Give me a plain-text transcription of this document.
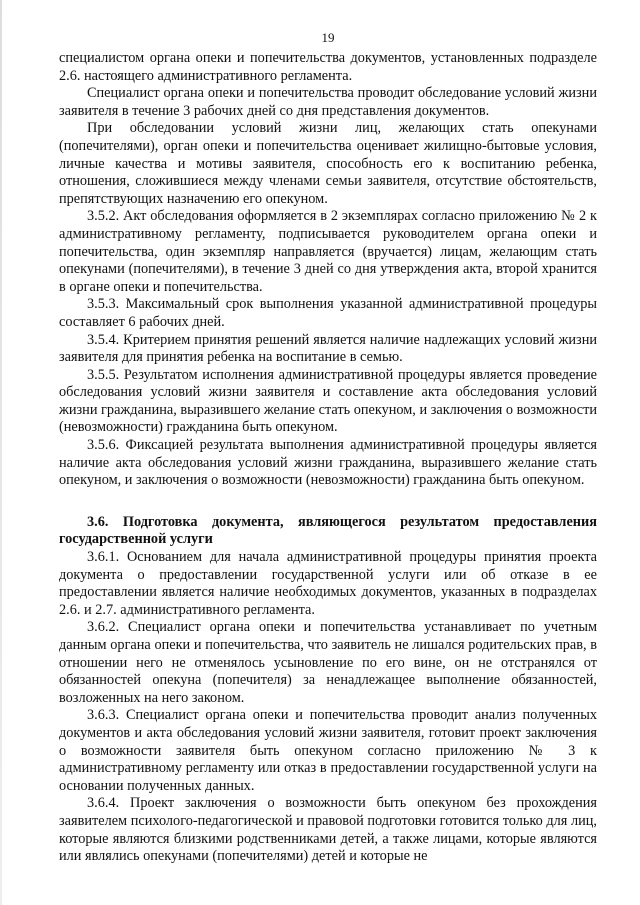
19

специалистом органа опеки и попечительства документов, установленных подразделе 2.6. настоящего административного регламента.

Специалист органа опеки и попечительства проводит обследование условий жизни заявителя в течение 3 рабочих дней со дня представления документов.

При обследовании условий жизни лиц, желающих стать опекунами (попечителями), орган опеки и попечительства оценивает жилищно-бытовые условия, личные качества и мотивы заявителя, способность его к воспитанию ребенка, отношения, сложившиеся между членами семьи заявителя, отсутствие обстоятельств, препятствующих назначению его опекуном.

3.5.2. Акт обследования оформляется в 2 экземплярах согласно приложению № 2 к административному регламенту, подписывается руководителем органа опеки и попечительства, один экземпляр направляется (вручается) лицам, желающим стать опекунами (попечителями), в течение 3 дней со дня утверждения акта, второй хранится в органе опеки и попечительства.

3.5.3. Максимальный срок выполнения указанной административной процедуры составляет 6 рабочих дней.

3.5.4. Критерием принятия решений является наличие надлежащих условий жизни заявителя для принятия ребенка на воспитание в семью.

3.5.5. Результатом исполнения административной процедуры является проведение обследования условий жизни заявителя и составление акта обследования условий жизни гражданина, выразившего желание стать опекуном, и заключения о возможности (невозможности) гражданина быть опекуном.

3.5.6. Фиксацией результата выполнения административной процедуры является наличие акта обследования условий жизни гражданина, выразившего желание стать опекуном, и заключения о возможности (невозможности) гражданина быть опекуном.

3.6. Подготовка документа, являющегося результатом предоставления государственной услуги

3.6.1. Основанием для начала административной процедуры принятия проекта документа о предоставлении государственной услуги или об отказе в ее предоставлении является наличие необходимых документов, указанных в подразделах 2.6. и 2.7. административного регламента.

3.6.2. Специалист органа опеки и попечительства устанавливает по учетным данным органа опеки и попечительства, что заявитель не лишался родительских прав, в отношении него не отменялось усыновление по его вине, он не отстранялся от обязанностей опекуна (попечителя) за ненадлежащее выполнение обязанностей, возложенных на него законом.

3.6.3. Специалист органа опеки и попечительства проводит анализ полученных документов и акта обследования условий жизни заявителя, готовит проект заключения о возможности заявителя быть опекуном согласно приложению № 3 к административному регламенту или отказ в предоставлении государственной услуги на основании полученных данных.

3.6.4. Проект заключения о возможности быть опекуном без прохождения заявителем психолого-педагогической и правовой подготовки готовится только для лиц, которые являются близкими родственниками детей, а также лицами, которые являются или являлись опекунами (попечителями) детей и которые не
